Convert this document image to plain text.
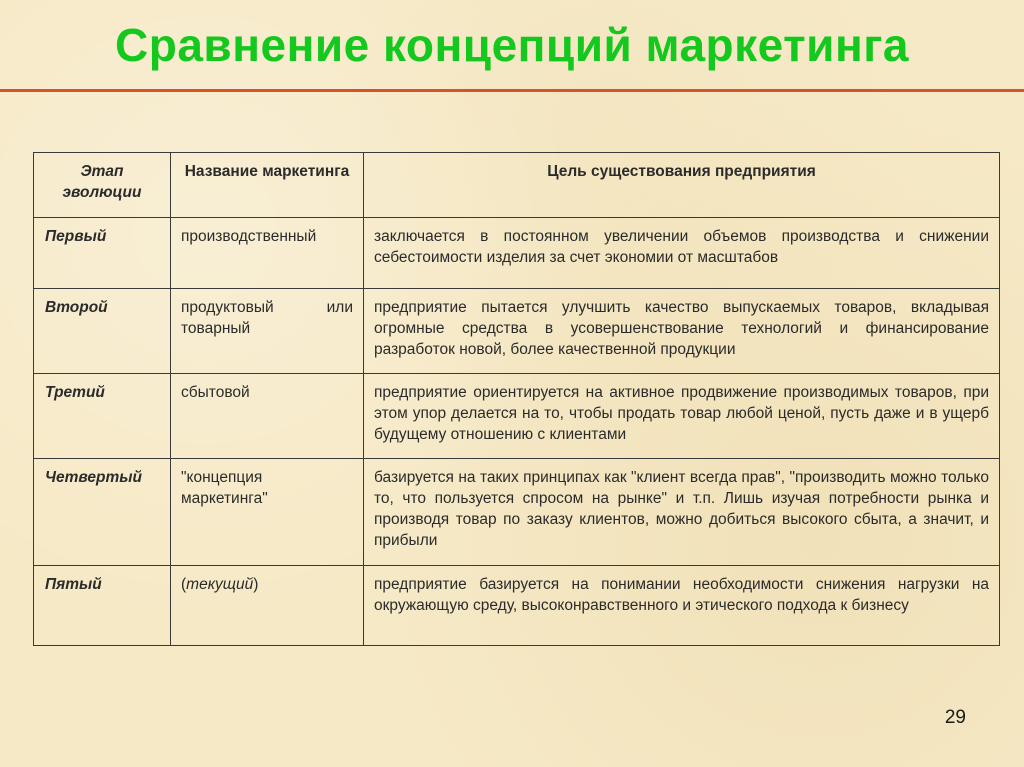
Сравнение концепций маркетинга
Этап эволюции	Название маркетинга	Цель существования предприятия
Первый	производственный	заключается в постоянном увеличении объемов производства и снижении себестоимости изделия за счет экономии от масштабов
Второй	продуктовый или товарный	предприятие пытается улучшить качество выпускаемых товаров, вкладывая огромные средства в усовершенствование технологий и финансирование разработок новой, более качественной продукции
Третий	сбытовой	предприятие ориентируется на активное продвижение производимых товаров, при этом упор делается на то, чтобы продать товар любой ценой, пусть даже и в ущерб будущему отношению с клиентами
Четвертый	"концепция маркетинга"	базируется на таких принципах как "клиент всегда прав", "производить можно только то, что пользуется спросом на рынке" и т.п. Лишь изучая потребности рынка и производя товар по заказу клиентов, можно добиться высокого сбыта, а значит, и прибыли
Пятый	(текущий)	предприятие базируется на понимании необходимости снижения нагрузки на окружающую среду, высоконравственного и этического подхода к бизнесу
29
